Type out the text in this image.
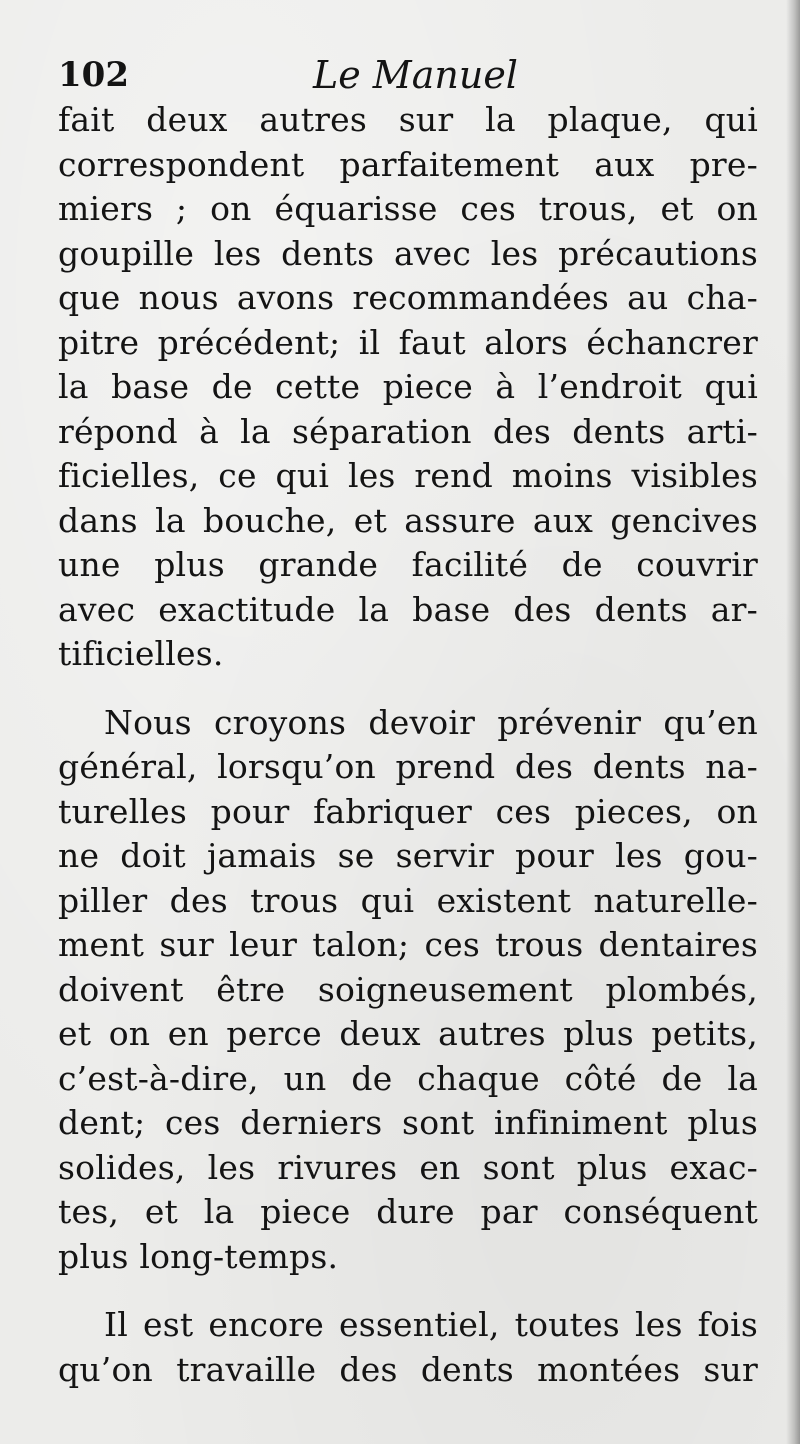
102	Le Manuel
fait deux autres sur la plaque, qui
correspondent parfaitement aux pre-
miers ; on équarisse ces trous, et on
goupille les dents avec les précautions
que nous avons recommandées au cha-
pitre précédent; il faut alors échancrer
la base de cette piece à l’endroit qui
répond à la séparation des dents arti-
ficielles, ce qui les rend moins visibles
dans la bouche, et assure aux gencives
une plus grande facilité de couvrir
avec exactitude la base des dents ar-
tificielles.
Nous croyons devoir prévenir qu’en
général, lorsqu’on prend des dents na-
turelles pour fabriquer ces pieces, on
ne doit jamais se servir pour les gou-
piller des trous qui existent naturelle-
ment sur leur talon; ces trous dentaires
doivent être soigneusement plombés,
et on en perce deux autres plus petits,
c’est-à-dire, un de chaque côté de la
dent; ces derniers sont infiniment plus
solides, les rivures en sont plus exac-
tes, et la piece dure par conséquent
plus long-temps.
Il est encore essentiel, toutes les fois
qu’on travaille des dents montées sur
